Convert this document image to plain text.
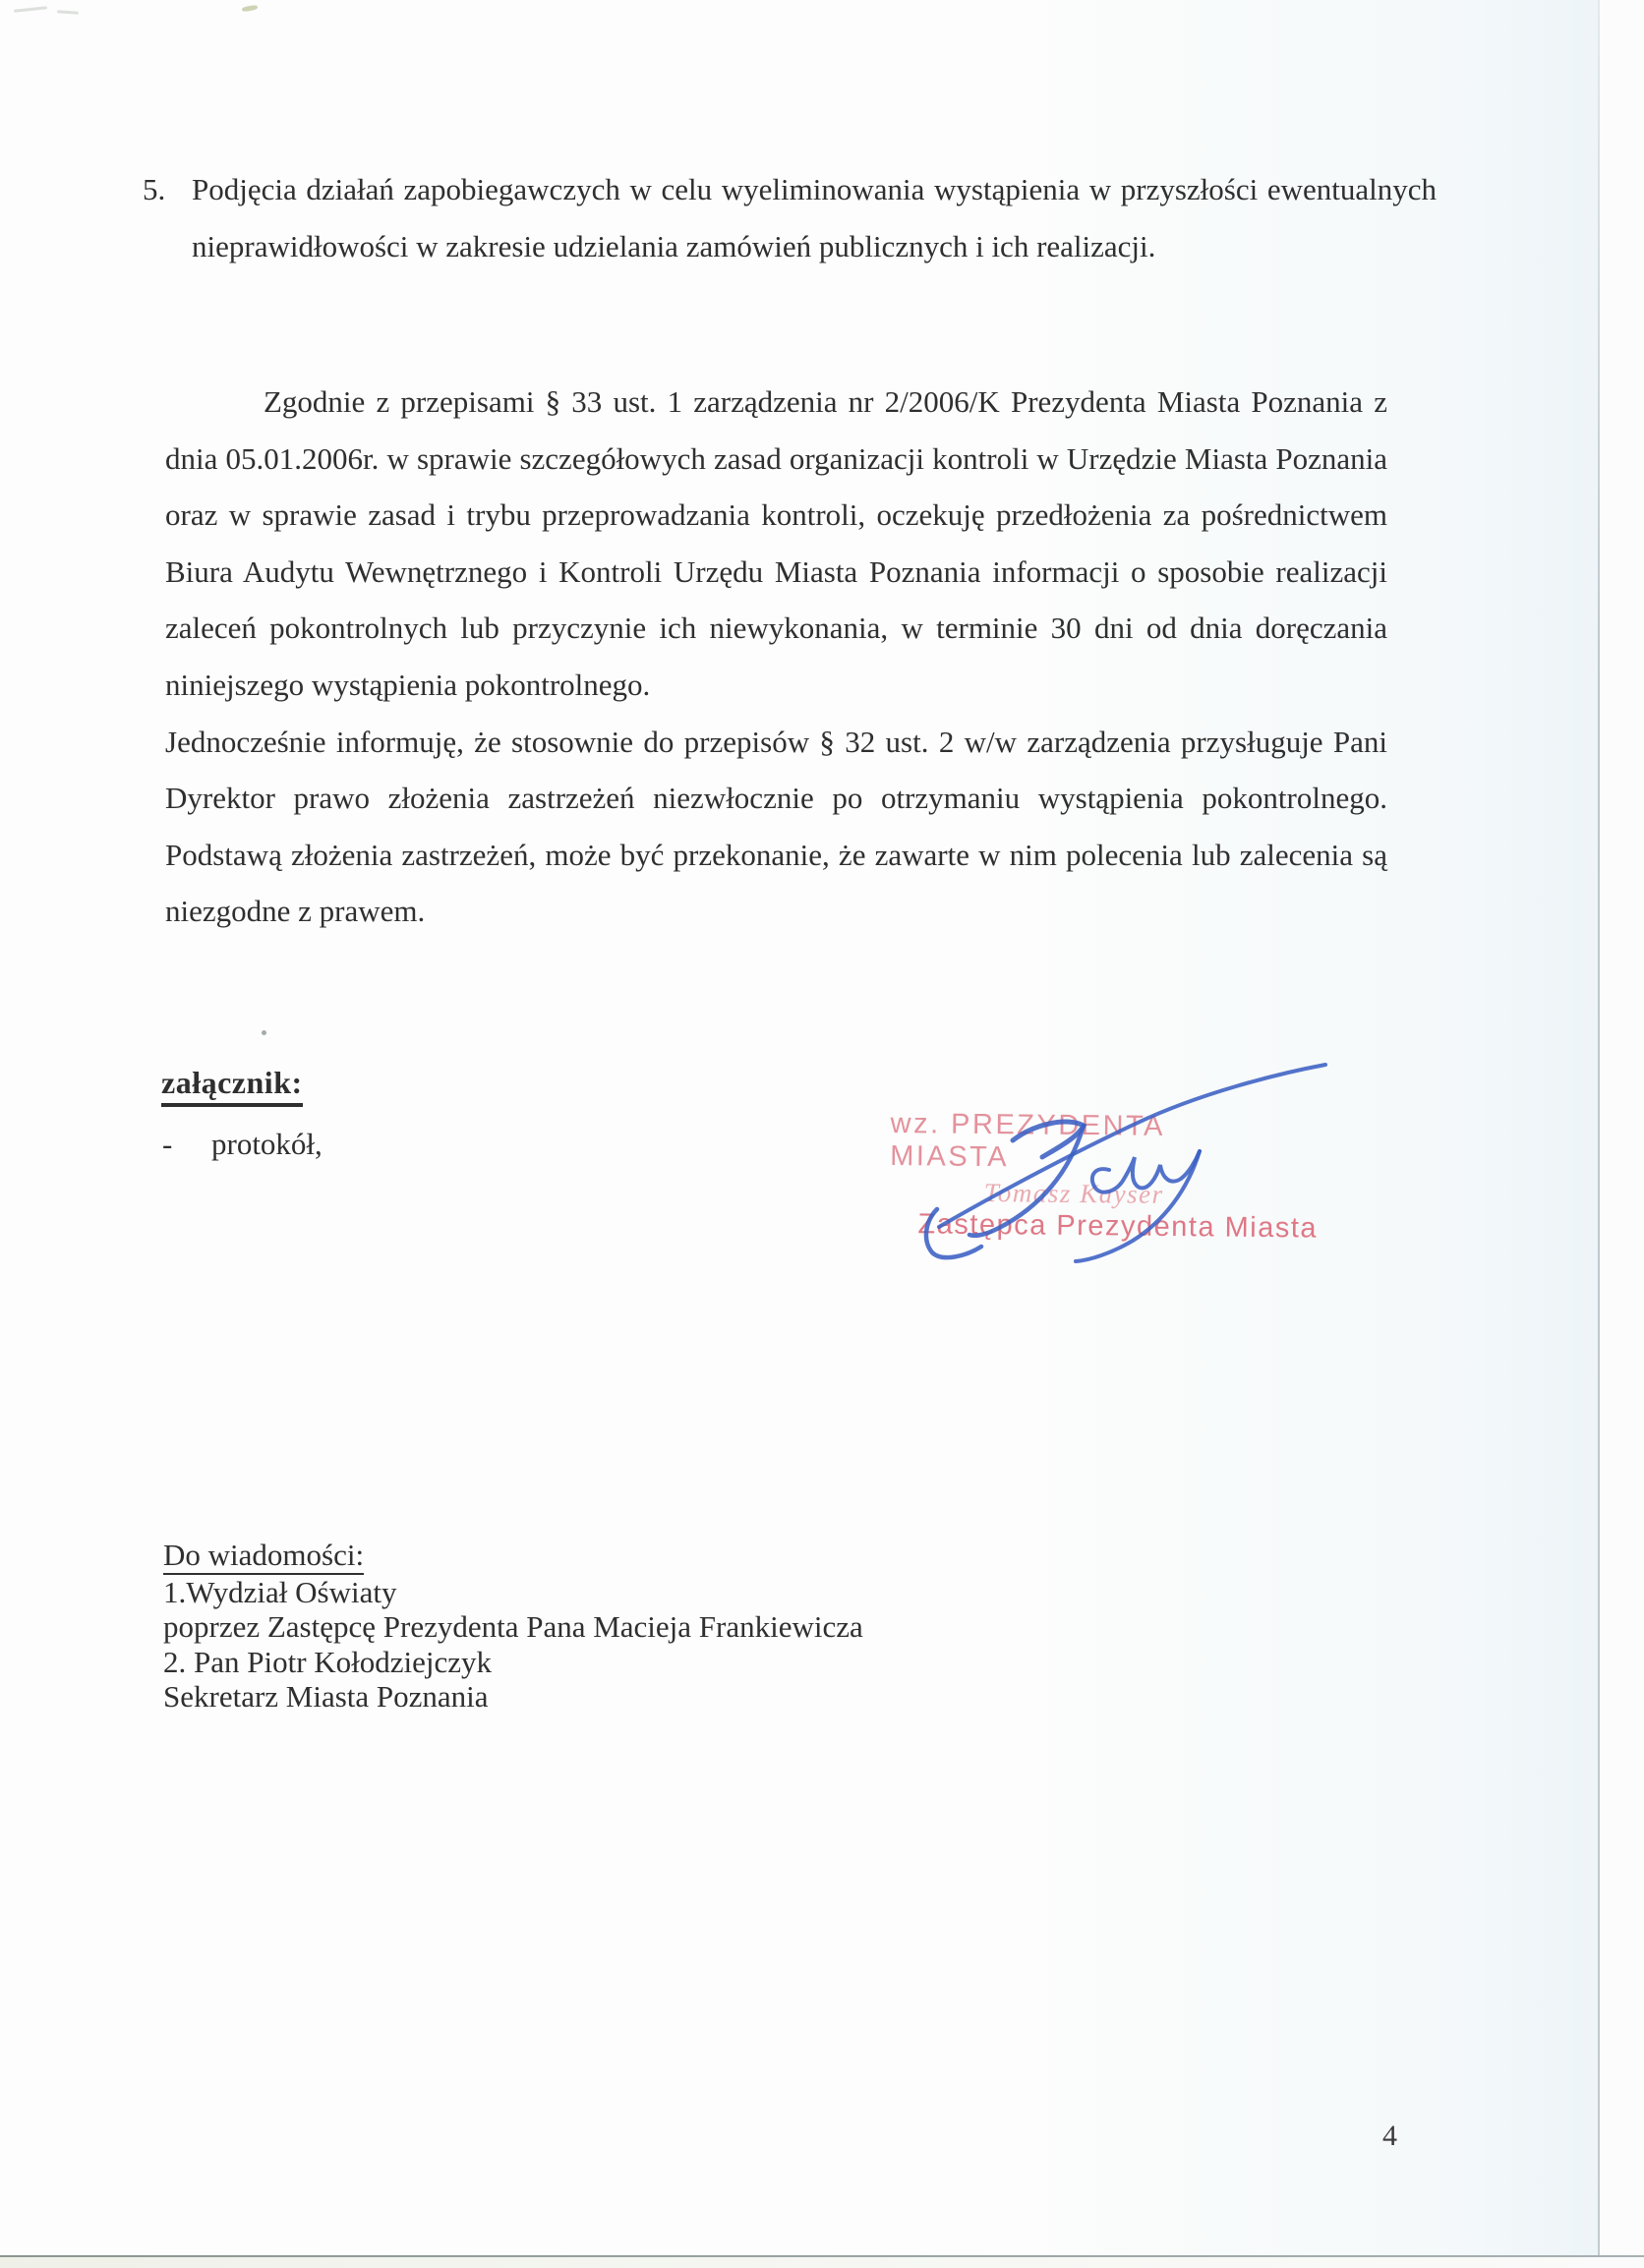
5. Podjęcia działań zapobiegawczych w celu wyeliminowania wystąpienia w przyszłości ewentualnych nieprawidłowości w zakresie udzielania zamówień publicznych i ich realizacji.

Zgodnie z przepisami § 33 ust. 1 zarządzenia nr 2/2006/K Prezydenta Miasta Poznania z dnia 05.01.2006r. w sprawie szczegółowych zasad organizacji kontroli w Urzędzie Miasta Poznania oraz w sprawie zasad i trybu przeprowadzania kontroli, oczekuję przedłożenia za pośrednictwem Biura Audytu Wewnętrznego i Kontroli Urzędu Miasta Poznania informacji o sposobie realizacji zaleceń pokontrolnych lub przyczynie ich niewykonania, w terminie 30 dni od dnia doręczania niniejszego wystąpienia pokontrolnego.

Jednocześnie informuję, że stosownie do przepisów § 32 ust. 2 w/w zarządzenia przysługuje Pani Dyrektor prawo złożenia zastrzeżeń niezwłocznie po otrzymaniu wystąpienia pokontrolnego. Podstawą złożenia zastrzeżeń, może być przekonanie, że zawarte w nim polecenia lub zalecenia są niezgodne z prawem.

załącznik:
- protokół,
wz. PREZYDENTA MIASTA
Tomasz Kayser
Zastępca Prezydenta Miasta
Do wiadomości:
1.Wydział Oświaty
poprzez Zastępcę Prezydenta Pana Macieja Frankiewicza
2. Pan Piotr Kołodziejczyk
Sekretarz Miasta Poznania
4
